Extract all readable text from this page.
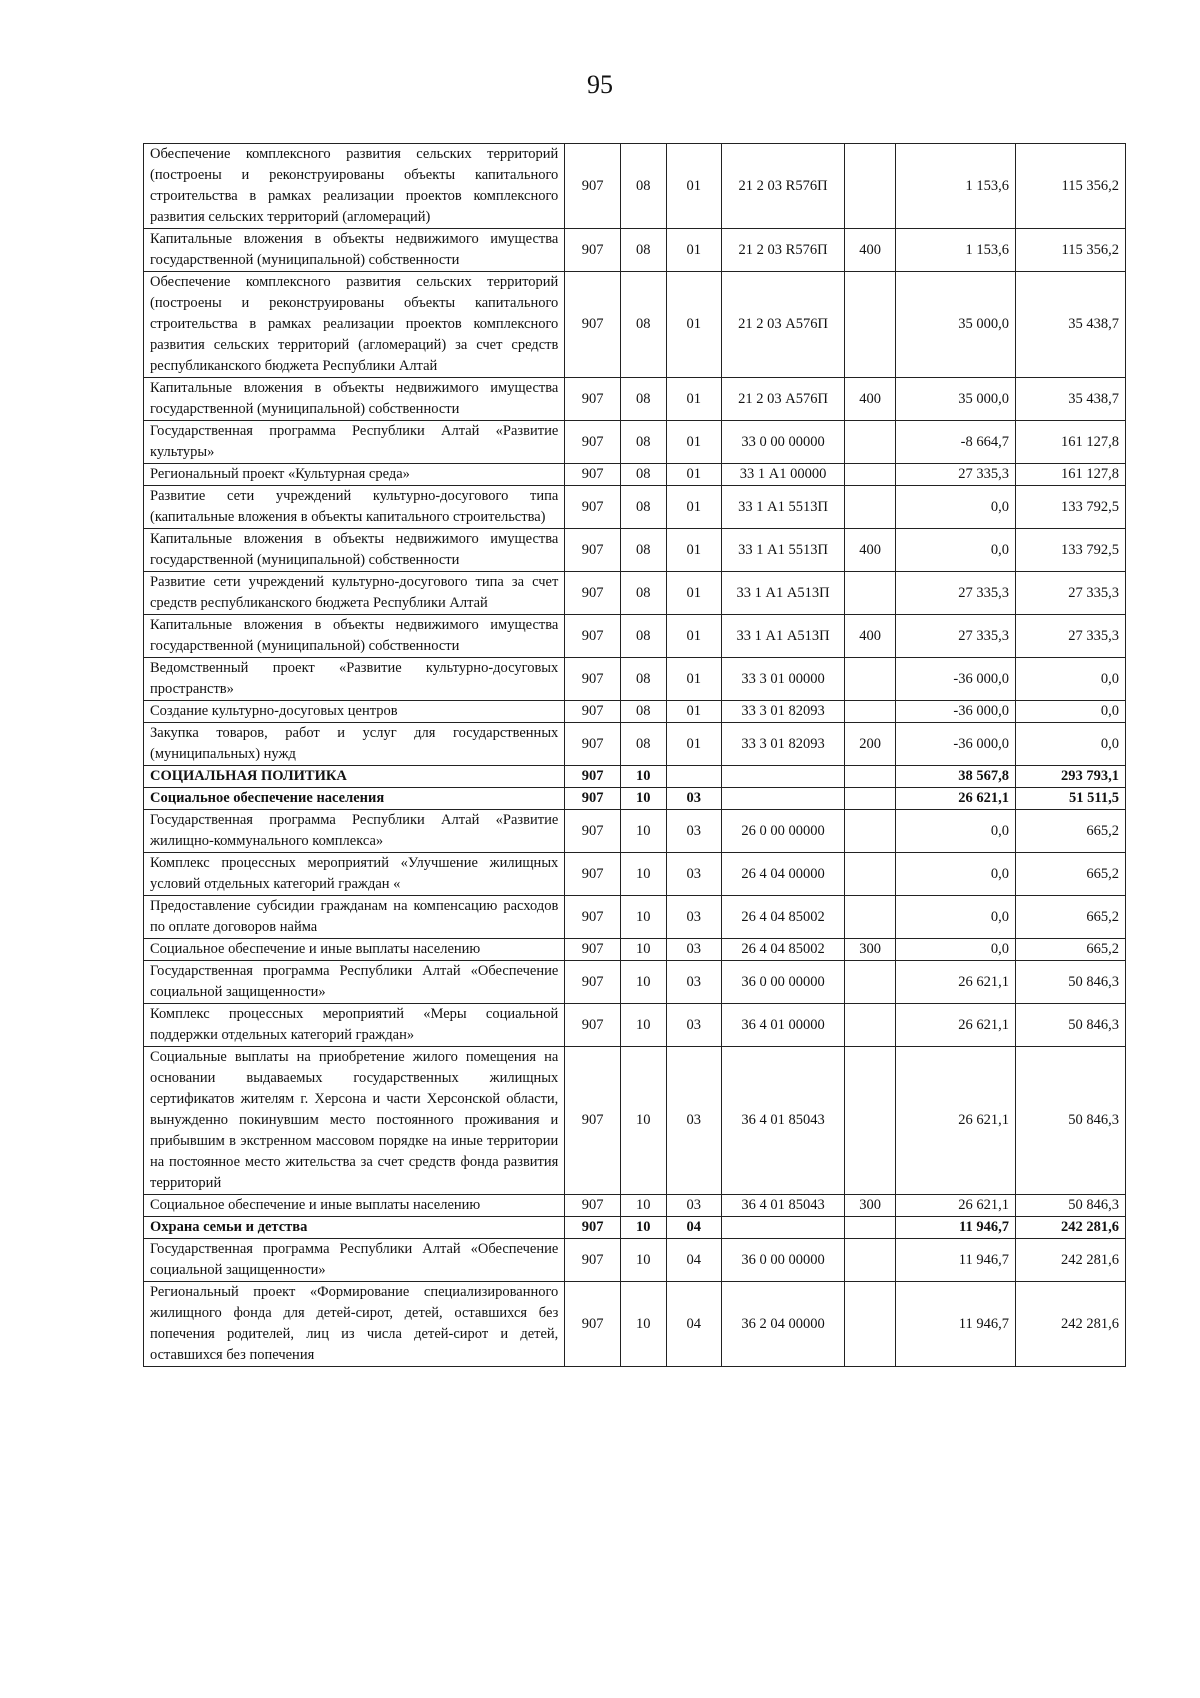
95
Обеспечение комплексного развития сельских территорий (построены и реконструированы объекты капитального строительства в рамках реализации проектов комплексного развития сельских территорий (агломераций)	907	08	01	21 2 03 R576П		1 153,6	115 356,2
Капитальные вложения в объекты недвижимого имущества государственной (муниципальной) собственности	907	08	01	21 2 03 R576П	400	1 153,6	115 356,2
Обеспечение комплексного развития сельских территорий (построены и реконструированы объекты капитального строительства в рамках реализации проектов комплексного развития сельских территорий (агломераций) за счет средств республиканского бюджета Республики Алтай	907	08	01	21 2 03 А576П		35 000,0	35 438,7
Капитальные вложения в объекты недвижимого имущества государственной (муниципальной) собственности	907	08	01	21 2 03 А576П	400	35 000,0	35 438,7
Государственная программа Республики Алтай «Развитие культуры»	907	08	01	33 0 00 00000		-8 664,7	161 127,8
Региональный проект «Культурная среда»	907	08	01	33 1 А1 00000		27 335,3	161 127,8
Развитие сети учреждений культурно-досугового типа (капитальные вложения в объекты капитального строительства)	907	08	01	33 1 А1 5513П		0,0	133 792,5
Капитальные вложения в объекты недвижимого имущества государственной (муниципальной) собственности	907	08	01	33 1 А1 5513П	400	0,0	133 792,5
Развитие сети учреждений культурно-досугового типа за счет средств республиканского бюджета Республики Алтай	907	08	01	33 1 А1 А513П		27 335,3	27 335,3
Капитальные вложения в объекты недвижимого имущества государственной (муниципальной) собственности	907	08	01	33 1 А1 А513П	400	27 335,3	27 335,3
Ведомственный проект «Развитие культурно-досуговых пространств»	907	08	01	33 3 01 00000		-36 000,0	0,0
Создание культурно-досуговых центров	907	08	01	33 3 01 82093		-36 000,0	0,0
Закупка товаров, работ и услуг для государственных (муниципальных) нужд	907	08	01	33 3 01 82093	200	-36 000,0	0,0
СОЦИАЛЬНАЯ ПОЛИТИКА	907	10				38 567,8	293 793,1
Социальное обеспечение населения	907	10	03			26 621,1	51 511,5
Государственная программа Республики Алтай «Развитие жилищно-коммунального комплекса»	907	10	03	26 0 00 00000		0,0	665,2
Комплекс процессных мероприятий «Улучшение жилищных условий отдельных категорий граждан «	907	10	03	26 4 04 00000		0,0	665,2
Предоставление субсидии гражданам на компенсацию расходов по оплате договоров найма	907	10	03	26 4 04 85002		0,0	665,2
Социальное обеспечение и иные выплаты населению	907	10	03	26 4 04 85002	300	0,0	665,2
Государственная программа Республики Алтай «Обеспечение социальной защищенности»	907	10	03	36 0 00 00000		26 621,1	50 846,3
Комплекс процессных мероприятий «Меры социальной поддержки отдельных категорий граждан»	907	10	03	36 4 01 00000		26 621,1	50 846,3
Социальные выплаты на приобретение жилого помещения на основании выдаваемых государственных жилищных сертификатов жителям г. Херсона и части Херсонской области, вынужденно покинувшим место постоянного проживания и прибывшим в экстренном массовом порядке на иные территории на постоянное место жительства за счет средств фонда развития территорий	907	10	03	36 4 01 85043		26 621,1	50 846,3
Социальное обеспечение и иные выплаты населению	907	10	03	36 4 01 85043	300	26 621,1	50 846,3
Охрана семьи и детства	907	10	04			11 946,7	242 281,6
Государственная программа Республики Алтай «Обеспечение социальной защищенности»	907	10	04	36 0 00 00000		11 946,7	242 281,6
Региональный проект «Формирование специализированного жилищного фонда для детей-сирот, детей, оставшихся без попечения родителей, лиц из числа детей-сирот и детей, оставшихся без попечения	907	10	04	36 2 04 00000		11 946,7	242 281,6
